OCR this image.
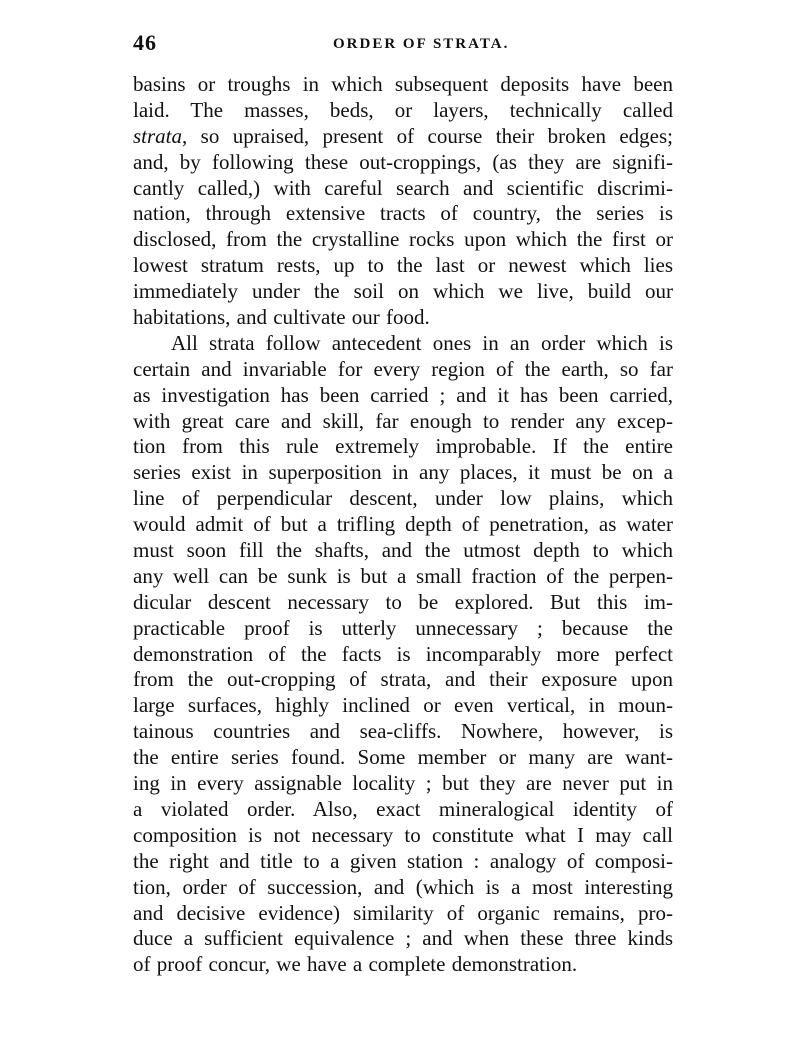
46	ORDER OF STRATA.
basins or troughs in which subsequent deposits have been
laid. The masses, beds, or layers, technically called
strata, so upraised, present of course their broken edges;
and, by following these out-croppings, (as they are signifi-
cantly called,) with careful search and scientific discrimi-
nation, through extensive tracts of country, the series is
disclosed, from the crystalline rocks upon which the first or
lowest stratum rests, up to the last or newest which lies
immediately under the soil on which we live, build our
habitations, and cultivate our food.
All strata follow antecedent ones in an order which is
certain and invariable for every region of the earth, so far
as investigation has been carried ; and it has been carried,
with great care and skill, far enough to render any excep-
tion from this rule extremely improbable. If the entire
series exist in superposition in any places, it must be on a
line of perpendicular descent, under low plains, which
would admit of but a trifling depth of penetration, as water
must soon fill the shafts, and the utmost depth to which
any well can be sunk is but a small fraction of the perpen-
dicular descent necessary to be explored. But this im-
practicable proof is utterly unnecessary ; because the
demonstration of the facts is incomparably more perfect
from the out-cropping of strata, and their exposure upon
large surfaces, highly inclined or even vertical, in moun-
tainous countries and sea-cliffs. Nowhere, however, is
the entire series found. Some member or many are want-
ing in every assignable locality ; but they are never put in
a violated order. Also, exact mineralogical identity of
composition is not necessary to constitute what I may call
the right and title to a given station : analogy of composi-
tion, order of succession, and (which is a most interesting
and decisive evidence) similarity of organic remains, pro-
duce a sufficient equivalence ; and when these three kinds
of proof concur, we have a complete demonstration.
